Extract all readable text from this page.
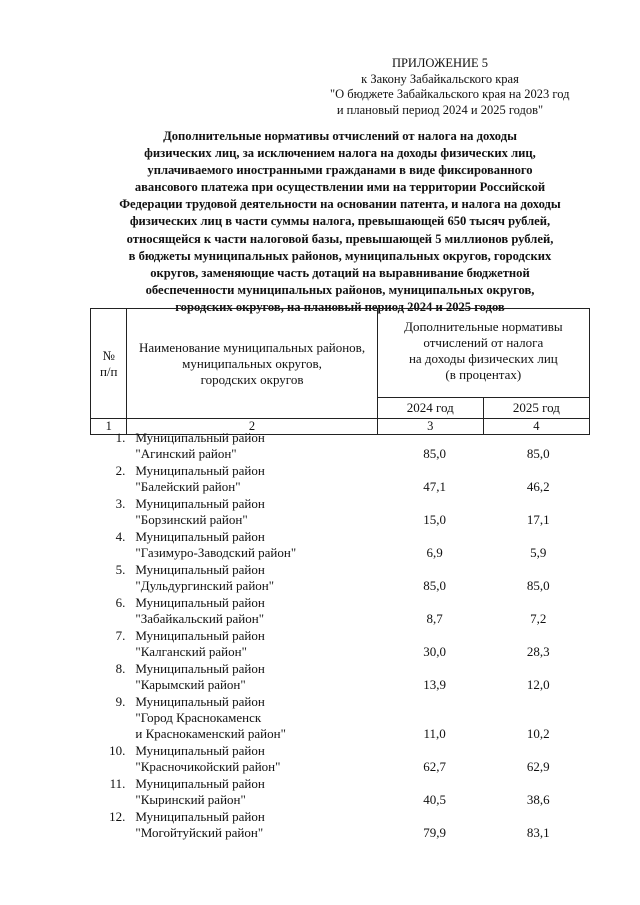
ПРИЛОЖЕНИЕ 5
к Закону Забайкальского края
"О бюджете Забайкальского края на 2023 год
и плановый период 2024 и 2025 годов"
Дополнительные нормативы отчислений от налога на доходы
физических лиц, за исключением налога на доходы физических лиц,
уплачиваемого иностранными гражданами в виде фиксированного
авансового платежа при осуществлении ими на территории Российской
Федерации трудовой деятельности на основании патента, и налога на доходы
физических лиц в части суммы налога, превышающей 650 тысяч рублей,
относящейся к части налоговой базы, превышающей 5 миллионов рублей,
в бюджеты муниципальных районов, муниципальных округов, городских
округов, заменяющие часть дотаций на выравнивание бюджетной
обеспеченности муниципальных районов, муниципальных округов,
городских округов, на плановый период 2024 и 2025 годов
№
п/п	Наименование муниципальных районов,
муниципальных округов,
городских округов	Дополнительные нормативы
отчислений от налога
на доходы физических лиц
(в процентах)	

		2024 год	2025 год
1	2	3	4
1.	Муниципальный район
"Агинский район"	85,0	85,0
2.	Муниципальный район
"Балейский район"	47,1	46,2
3.	Муниципальный район
"Борзинский район"	15,0	17,1
4.	Муниципальный район
"Газимуро-Заводский район"	6,9	5,9
5.	Муниципальный район
"Дульдургинский район"	85,0	85,0
6.	Муниципальный район
"Забайкальский район"	8,7	7,2
7.	Муниципальный район
"Калганский район"	30,0	28,3
8.	Муниципальный район
"Карымский район"	13,9	12,0
9.	Муниципальный район
"Город Краснокаменск
и Краснокаменский район"	11,0	10,2
10.	Муниципальный район
"Красночикойский район"	62,7	62,9
11.	Муниципальный район
"Кыринский район"	40,5	38,6
12.	Муниципальный район
"Могойтуйский район"	79,9	83,1
